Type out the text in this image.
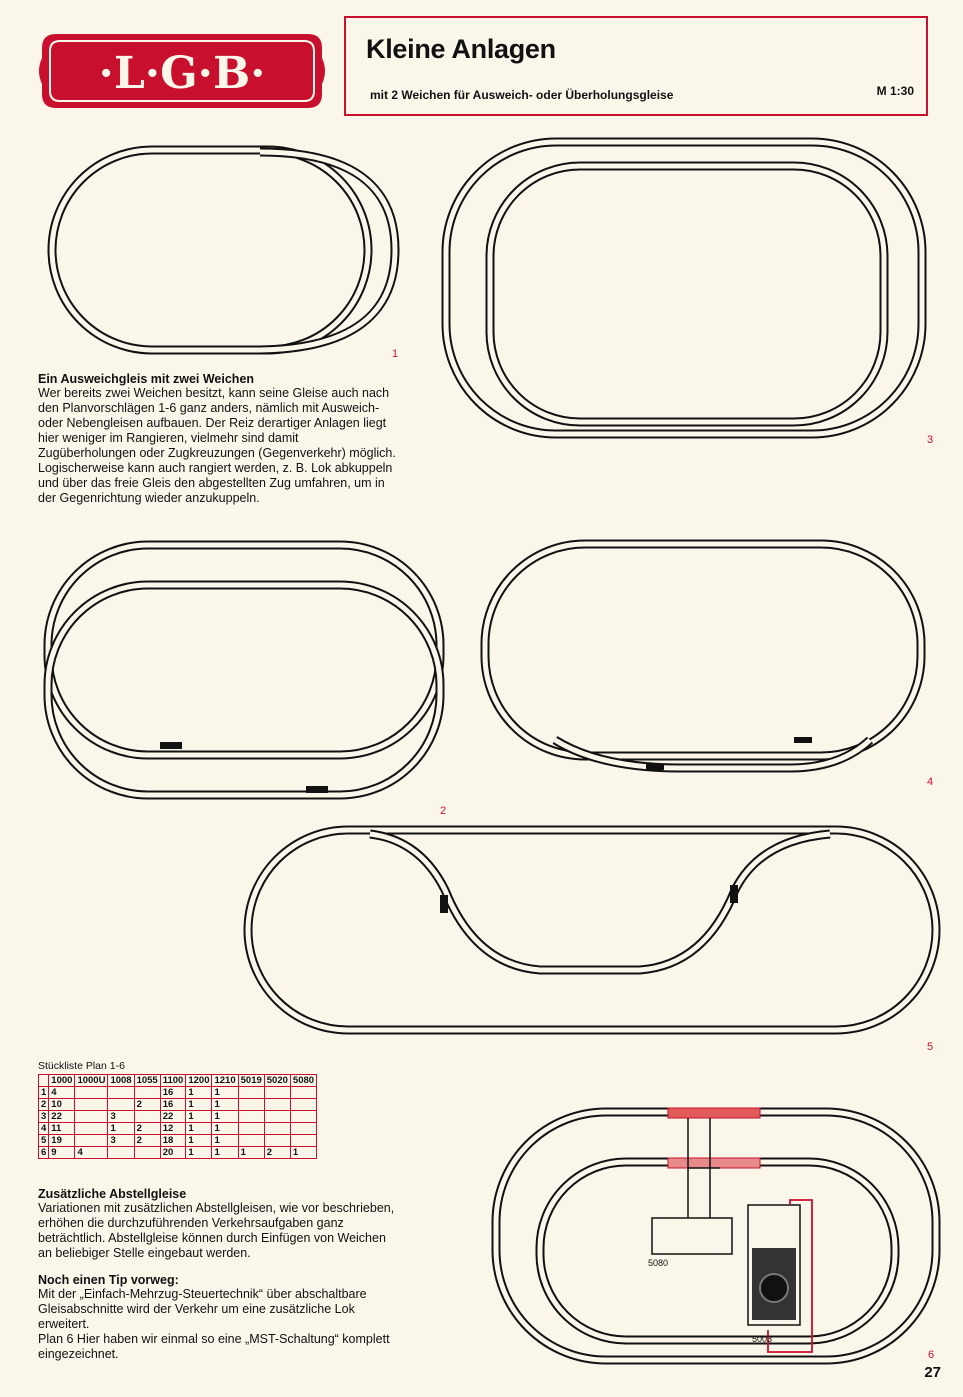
·L·G·B·	Kleine Anlagen
mit 2 Weichen für Ausweich- oder Überholungsgleise	M 1:30
1
3
2
4
5
6
5080
5003

Ein Ausweichgleis mit zwei Weichen

Wer bereits zwei Weichen besitzt, kann seine Gleise auch nach den Planvorschlägen 1-6 ganz anders, nämlich mit Ausweich- oder Nebengleisen aufbauen. Der Reiz derartiger Anlagen liegt hier weniger im Rangieren, vielmehr sind damit Zugüberholungen oder Zugkreuzungen (Gegenverkehr) möglich. Logischerweise kann auch rangiert werden, z. B. Lok abkuppeln und über das freie Gleis den abgestellten Zug umfahren, um in der Gegenrichtung wieder anzukuppeln.

Stückliste Plan 1-6
	1000	1000U	1008	1055	1100	1200	1210	5019	5020	5080
1	4				16	1	1			
2	10			2	16	1	1			
3	22		3		22	1	1			
4	11		1	2	12	1	1			
5	19		3	2	18	1	1			
6	9	4			20	1	1	1	2	1

Zusätzliche Abstellgleise

Variationen mit zusätzlichen Abstellgleisen, wie vor beschrieben, erhöhen die durchzuführenden Verkehrsaufgaben ganz beträchtlich. Abstellgleise können durch Einfügen von Weichen an beliebiger Stelle eingebaut werden.

Noch einen Tip vorweg:

Mit der „Einfach-Mehrzug-Steuertechnik“ über abschaltbare Gleisabschnitte wird der Verkehr um eine zusätzliche Lok erweitert.

Plan 6 Hier haben wir einmal so eine „MST-Schaltung“ komplett eingezeichnet.

27
